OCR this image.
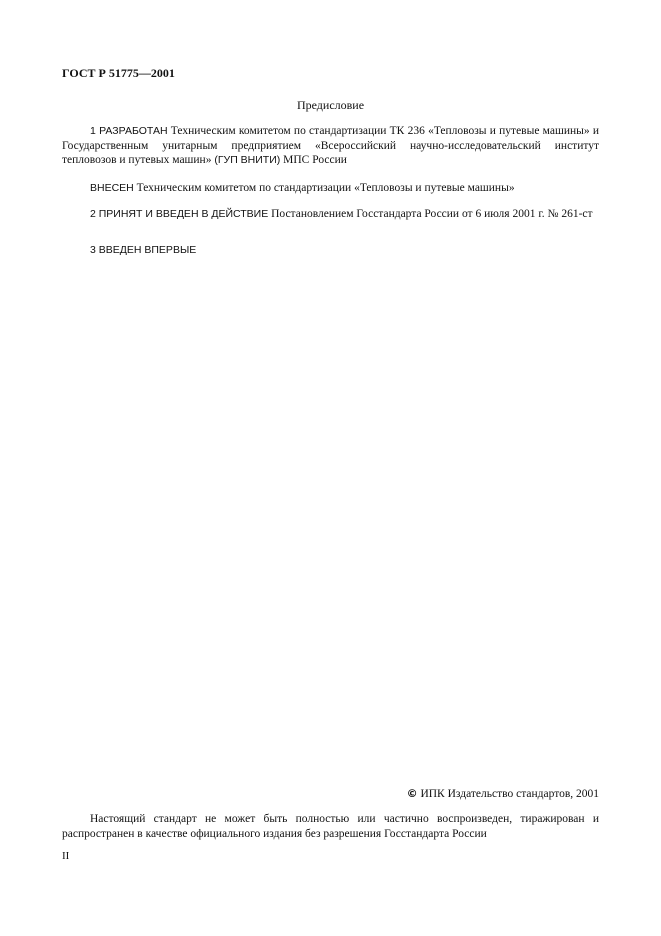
ГОСТ Р 51775—2001
Предисловие
1 РАЗРАБОТАН Техническим комитетом по стандартизации ТК 236 «Тепловозы и путевые машины» и Государственным унитарным предприятием «Всероссийский научно-исследовательский институт тепловозов и путевых машин» (ГУП ВНИТИ) МПС России
ВНЕСЕН Техническим комитетом по стандартизации «Тепловозы и путевые машины»
2 ПРИНЯТ И ВВЕДЕН В ДЕЙСТВИЕ Постановлением Госстандарта России от 6 июля 2001 г. № 261-ст
3 ВВЕДЕН ВПЕРВЫЕ
© ИПК Издательство стандартов, 2001
Настоящий стандарт не может быть полностью или частично воспроизведен, тиражирован и распространен в качестве официального издания без разрешения Госстандарта России
II
